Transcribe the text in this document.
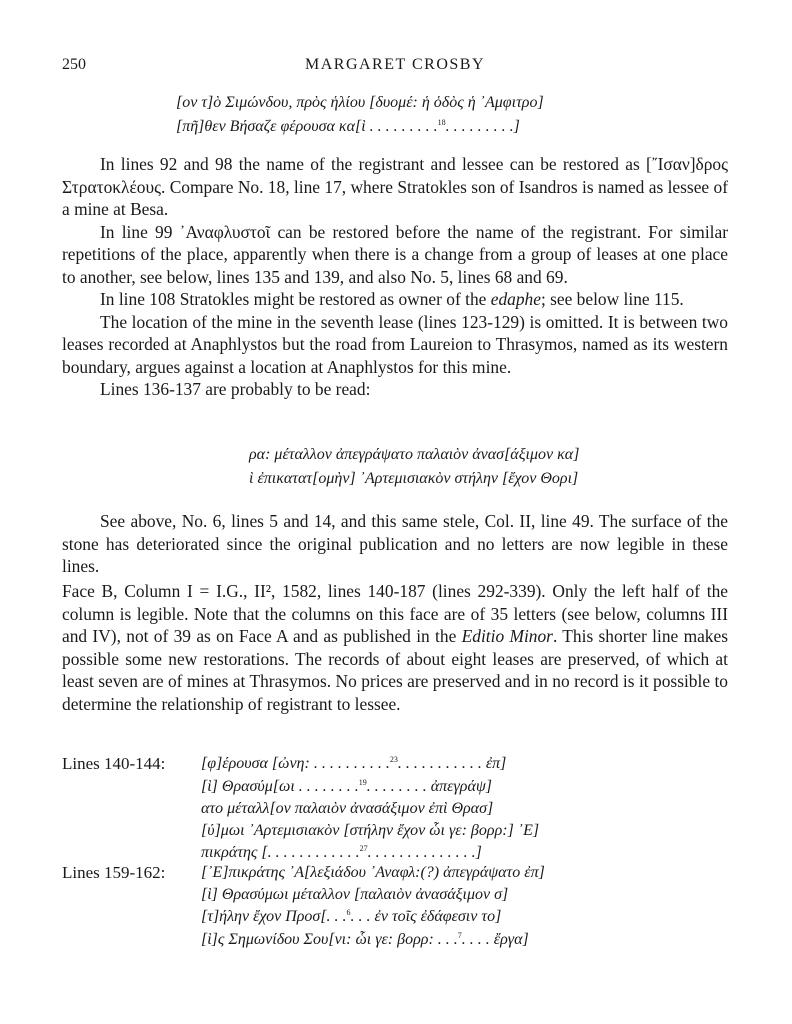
250	MARGARET CROSBY
[ον τ]ὸ Σιμώνδου, πρὸς ἡλίου [δυομέ: ἡ ὁδὸς ἡ ᾿Αμφιτρο]
[πῆ]θεν Βήσαζε φέρουσα κα[ὶ . . . . . . . . .$^{18}$. . . . . . . . .]

In lines 92 and 98 the name of the registrant and lessee can be restored as [῎Ισαν]δρος Στρατοκλέους. Compare No. 18, line 17, where Stratokles son of Isandros is named as lessee of a mine at Besa.

In line 99 ᾿Αναφλυστοῖ can be restored before the name of the registrant. For similar repetitions of the place, apparently when there is a change from a group of leases at one place to another, see below, lines 135 and 139, and also No. 5, lines 68 and 69.

In line 108 Stratokles might be restored as owner of the edaphe; see below line 115.

The location of the mine in the seventh lease (lines 123-129) is omitted. It is between two leases recorded at Anaphlystos but the road from Laureion to Thrasymos, named as its western boundary, argues against a location at Anaphlystos for this mine.

Lines 136-137 are probably to be read:

ρα: μέταλλον ἀπεγράψατο παλαιὸν ἀνασ[άξιμον κα]
ὶ ἐπικατατ[ομὴν] ᾿Αρτεμισιακὸν στήλην [ἔχον Θορι]

See above, No. 6, lines 5 and 14, and this same stele, Col. II, line 49. The surface of the stone has deteriorated since the original publication and no letters are now legible in these lines.

Face B, Column I = I.G., II², 1582, lines 140-187 (lines 292-339). Only the left half of the column is legible. Note that the columns on this face are of 35 letters (see below, columns III and IV), not of 39 as on Face A and as published in the Editio Minor. This shorter line makes possible some new restorations. The records of about eight leases are preserved, of which at least seven are of mines at Thrasymos. No prices are preserved and in no record is it possible to determine the relationship of registrant to lessee.

Lines 140-144: [φ]έρουσα [ὠνη: . . . . . . . . . .$^{23}$. . . . . . . . . . . ἐπ]
[ὶ] Θρασύμ[ωι . . . . . . . .$^{19}$. . . . . . . . ἀπεγράψ]
ατο μέταλλ[ον παλαιὸν ἀνασάξιμον ἐπὶ Θρασ]
[ύ]μωι ᾿Αρτεμισιακὸν [στήλην ἔχον ὧι γε: βορρ:] ᾿Ε]
πικράτης [. . . . . . . . . . . .$^{27}$. . . . . . . . . . . . . .]
Lines 159-162: [᾿Ε]πικράτης ᾿Α[λεξιάδου ᾿Αναφλ:(?) ἀπεγράψατο ἐπ]
[ὶ] Θρασύμωι μέταλλον [παλαιὸν ἀνασάξιμον σ]
[τ]ήλην ἔχον Προσ[. . .$^6$. . . ἐν τοῖς ἐδάφεσιν το]
[ὶ]ς Σημωνίδου Σου[νι: ὧι γε: βορρ: . . .$^7$. . . . ἔργα]
